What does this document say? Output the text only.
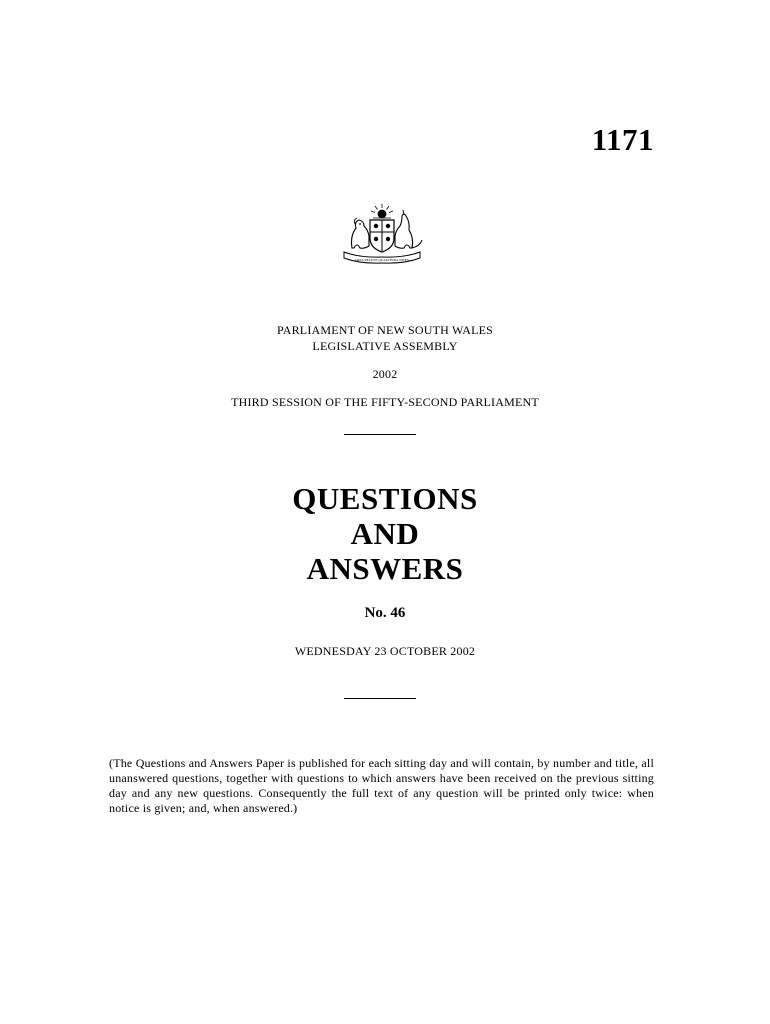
1171
ORTA RECENS QUAM PURA NITES
PARLIAMENT OF NEW SOUTH WALES
LEGISLATIVE ASSEMBLY
2002
THIRD SESSION OF THE FIFTY-SECOND PARLIAMENT
QUESTIONS
AND
ANSWERS
No. 46
WEDNESDAY 23 OCTOBER 2002
(The Questions and Answers Paper is published for each sitting day and will contain, by number and title, all unanswered questions, together with questions to which answers have been received on the previous sitting day and any new questions. Consequently the full text of any question will be printed only twice: when notice is given; and, when answered.)
